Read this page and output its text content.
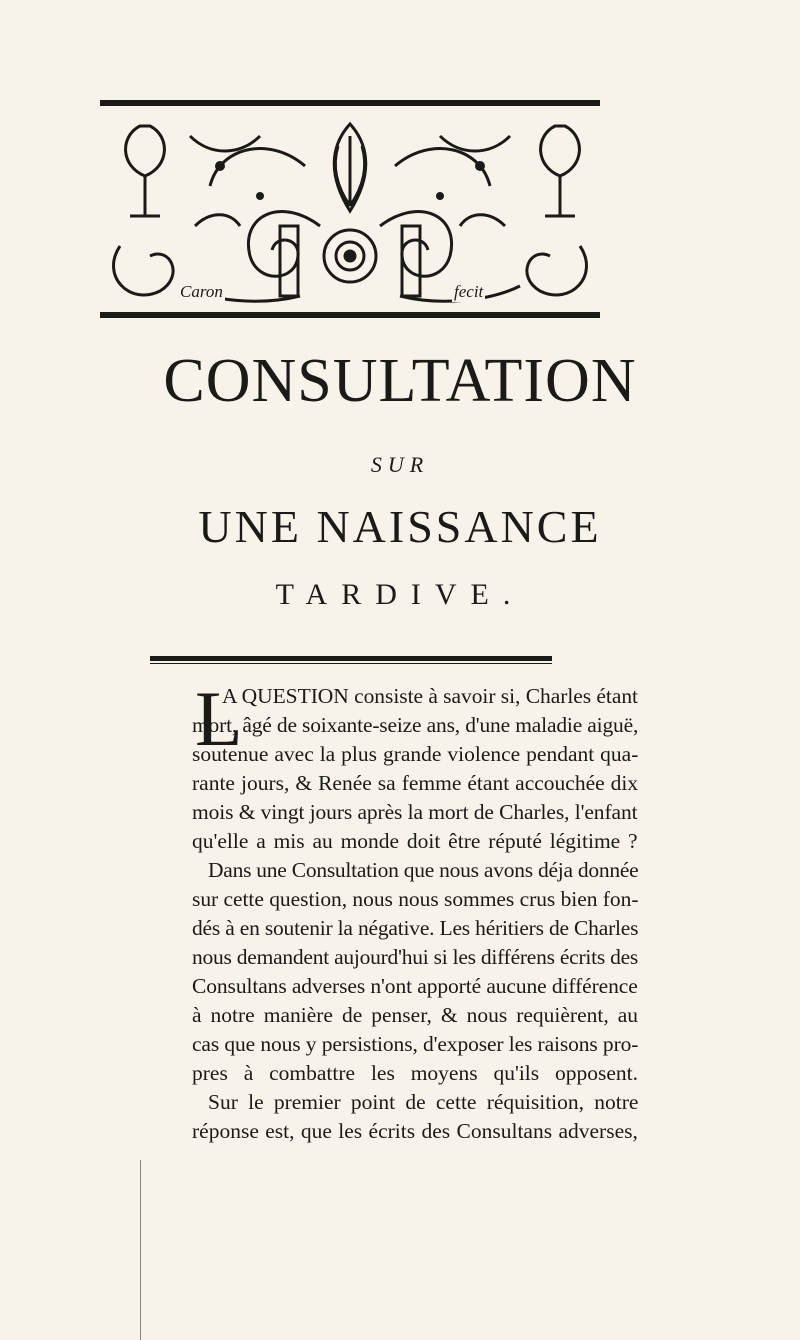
Caron	fecit
CONSULTATION
SUR
UNE NAISSANCE
TARDIVE.
L
A QUESTION consiste à savoir si, Charles étant
mort, âgé de soixante-seize ans, d'une maladie aiguë,
soutenue avec la plus grande violence pendant qua-
rante jours, & Renée sa femme étant accouchée dix
mois & vingt jours après la mort de Charles, l'enfant
qu'elle a mis au monde doit être réputé légitime ?
Dans une Consultation que nous avons déja donnée
sur cette question, nous nous sommes crus bien fon-
dés à en soutenir la négative. Les héritiers de Charles
nous demandent aujourd'hui si les différens écrits des
Consultans adverses n'ont apporté aucune différence
à notre manière de penser, & nous requièrent, au
cas que nous y persistions, d'exposer les raisons pro-
pres à combattre les moyens qu'ils opposent.
Sur le premier point de cette réquisition, notre
réponse est, que les écrits des Consultans adverses,
